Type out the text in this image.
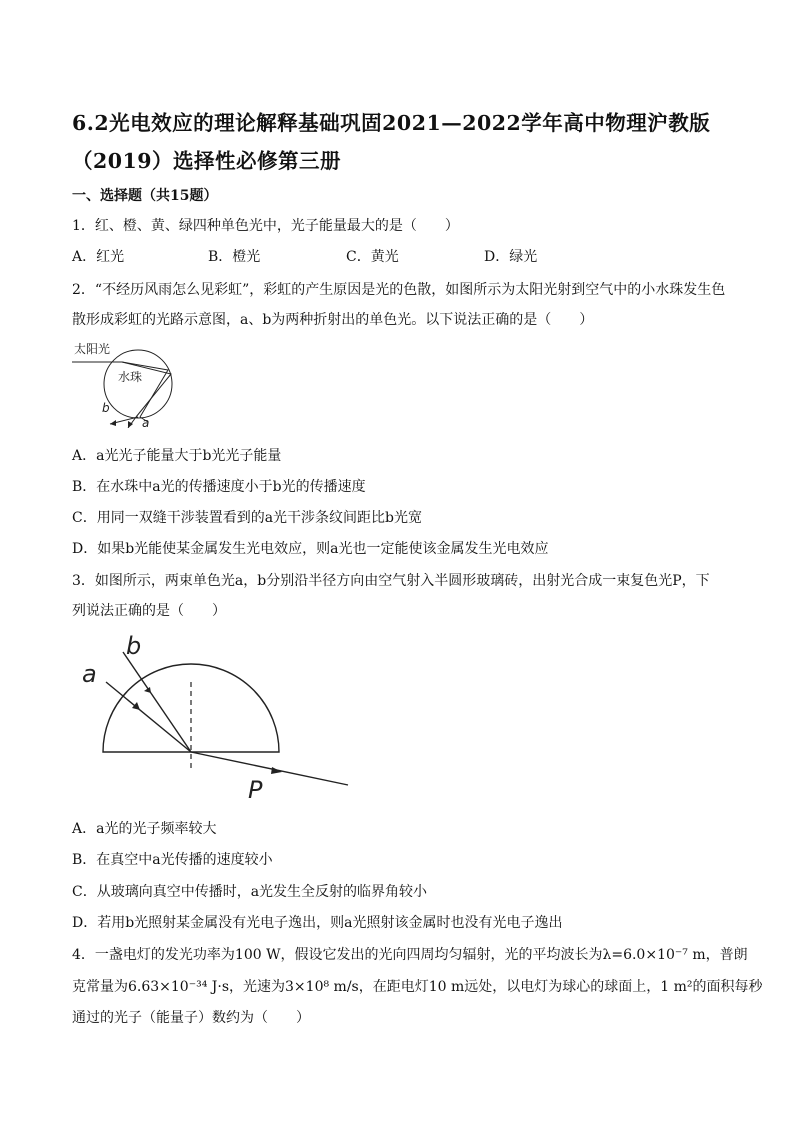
6.2光电效应的理论解释基础巩固2021—2022学年高中物理沪教版（2019）选择性必修第三册
一、选择题（共15题）
1．红、橙、黄、绿四种单色光中，光子能量最大的是（　　）
A．红光	B．橙光	C．黄光	D．绿光
2．“不经历风雨怎么见彩虹”，彩虹的产生原因是光的色散，如图所示为太阳光射到空气中的小水珠发生色
散形成彩虹的光路示意图，a、b为两种折射出的单色光。以下说法正确的是（　　）
太阳光
水珠
b
a
A．a光光子能量大于b光光子能量
B．在水珠中a光的传播速度小于b光的传播速度
C．用同一双缝干涉装置看到的a光干涉条纹间距比b光宽
D．如果b光能使某金属发生光电效应，则a光也一定能使该金属发生光电效应
3．如图所示，两束单色光a，b分别沿半径方向由空气射入半圆形玻璃砖，出射光合成一束复色光P，下
列说法正确的是（　　）
b
a
P
A．a光的光子频率较大
B．在真空中a光传播的速度较小
C．从玻璃向真空中传播时，a光发生全反射的临界角较小
D．若用b光照射某金属没有光电子逸出，则a光照射该金属时也没有光电子逸出
4．一盏电灯的发光功率为100 W，假设它发出的光向四周均匀辐射，光的平均波长为λ=6.0×10⁻⁷ m，普朗
克常量为6.63×10⁻³⁴ J·s，光速为3×10⁸ m/s，在距电灯10 m远处，以电灯为球心的球面上，1 m²的面积每秒
通过的光子（能量子）数约为（　　）
